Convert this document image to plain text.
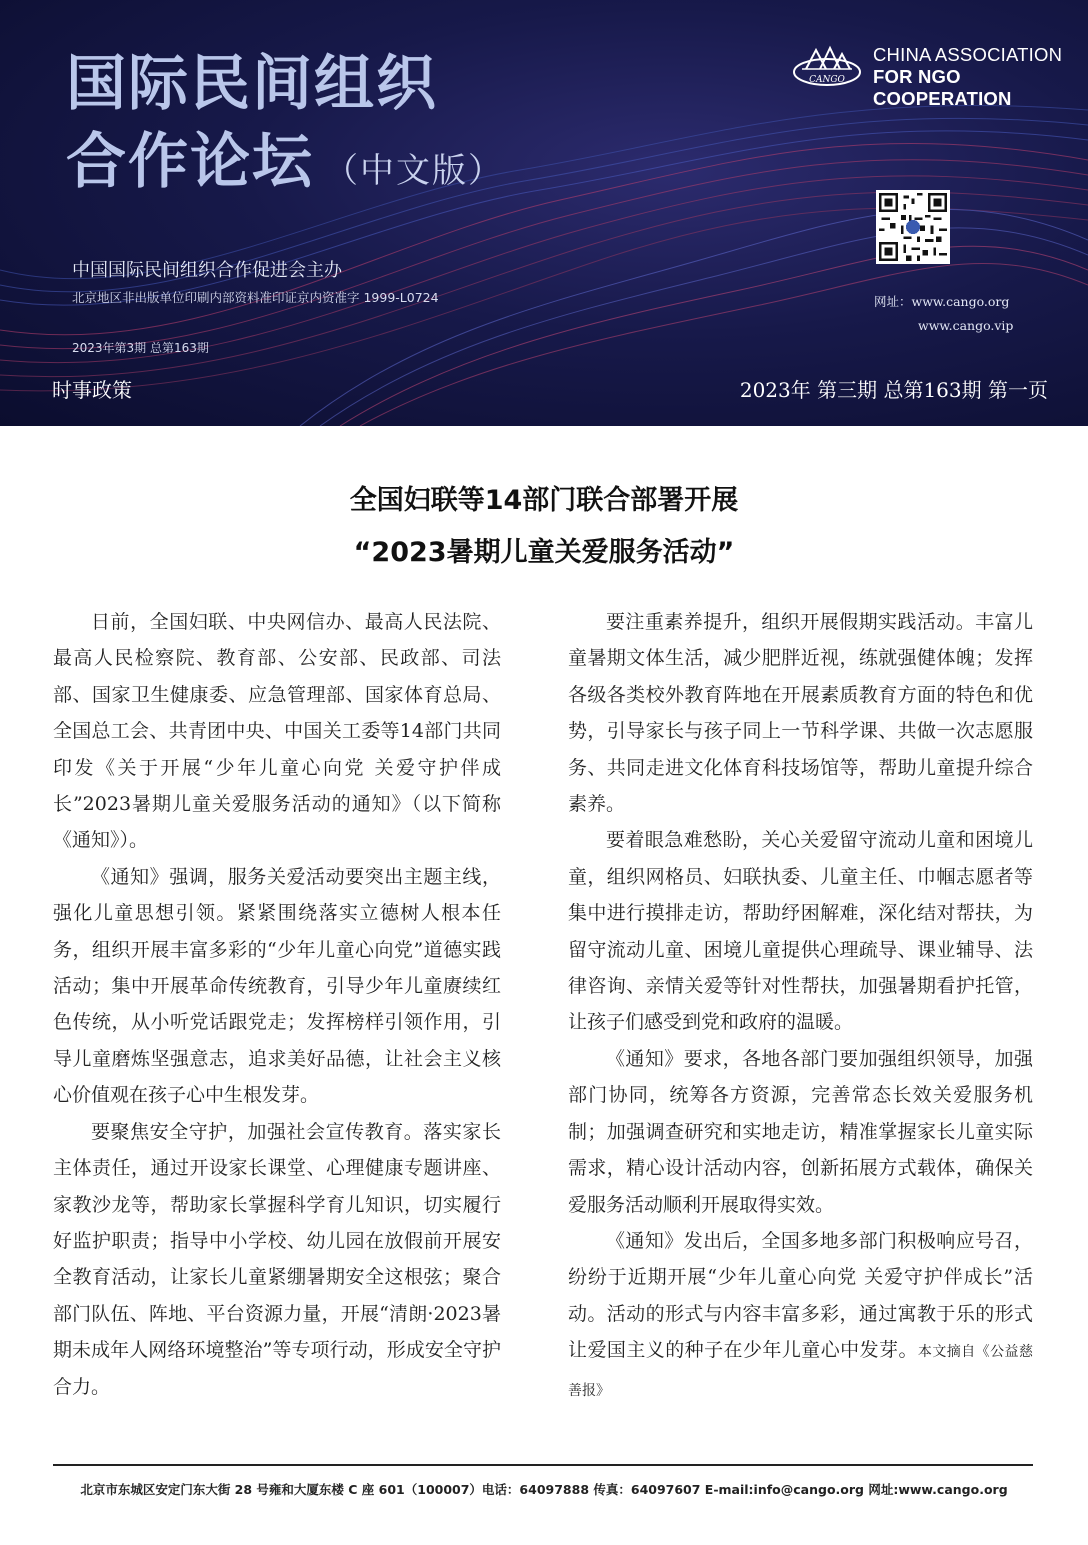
国际民间组织
合作论坛 （中文版）

中国国际民间组织合作促进会主办

北京地区非出版单位印刷内部资料准印证京内资准字 1999-L0724

2023年第3期 总第163期

CANGO
CHINA ASSOCIATION
FOR NGO COOPERATION
网址：www.cango.org
www.cango.vip
时事政策	2023年 第三期 总第163期 第一页
全国妇联等14部门联合部署开展
“2023暑期儿童关爱服务活动”

日前，全国妇联、中央网信办、最高人民法院、最高人民检察院、教育部、公安部、民政部、司法部、国家卫生健康委、应急管理部、国家体育总局、全国总工会、共青团中央、中国关工委等14部门共同印发《关于开展“少年儿童心向党 关爱守护伴成长”2023暑期儿童关爱服务活动的通知》（以下简称《通知》）。

《通知》强调，服务关爱活动要突出主题主线，强化儿童思想引领。紧紧围绕落实立德树人根本任务，组织开展丰富多彩的“少年儿童心向党”道德实践活动；集中开展革命传统教育，引导少年儿童赓续红色传统，从小听党话跟党走；发挥榜样引领作用，引导儿童磨炼坚强意志，追求美好品德，让社会主义核心价值观在孩子心中生根发芽。

要聚焦安全守护，加强社会宣传教育。落实家长主体责任，通过开设家长课堂、心理健康专题讲座、家教沙龙等，帮助家长掌握科学育儿知识，切实履行好监护职责；指导中小学校、幼儿园在放假前开展安全教育活动，让家长儿童紧绷暑期安全这根弦；聚合部门队伍、阵地、平台资源力量，开展“清朗·2023暑期未成年人网络环境整治”等专项行动，形成安全守护合力。

要注重素养提升，组织开展假期实践活动。丰富儿童暑期文体生活，减少肥胖近视，练就强健体魄；发挥各级各类校外教育阵地在开展素质教育方面的特色和优势，引导家长与孩子同上一节科学课、共做一次志愿服务、共同走进文化体育科技场馆等，帮助儿童提升综合素养。

要着眼急难愁盼，关心关爱留守流动儿童和困境儿童，组织网格员、妇联执委、儿童主任、巾帼志愿者等集中进行摸排走访，帮助纾困解难，深化结对帮扶，为留守流动儿童、困境儿童提供心理疏导、课业辅导、法律咨询、亲情关爱等针对性帮扶，加强暑期看护托管，让孩子们感受到党和政府的温暖。

《通知》要求，各地各部门要加强组织领导，加强部门协同，统筹各方资源，完善常态长效关爱服务机制；加强调查研究和实地走访，精准掌握家长儿童实际需求，精心设计活动内容，创新拓展方式载体，确保关爱服务活动顺利开展取得实效。

《通知》发出后，全国多地多部门积极响应号召，纷纷于近期开展“少年儿童心向党 关爱守护伴成长”活动。活动的形式与内容丰富多彩，通过寓教于乐的形式让爱国主义的种子在少年儿童心中发芽。本文摘自《公益慈善报》

北京市东城区安定门东大街 28 号雍和大厦东楼 C 座 601（100007）电话：64097888 传真：64097607 E-mail:info@cango.org 网址:www.cango.org
